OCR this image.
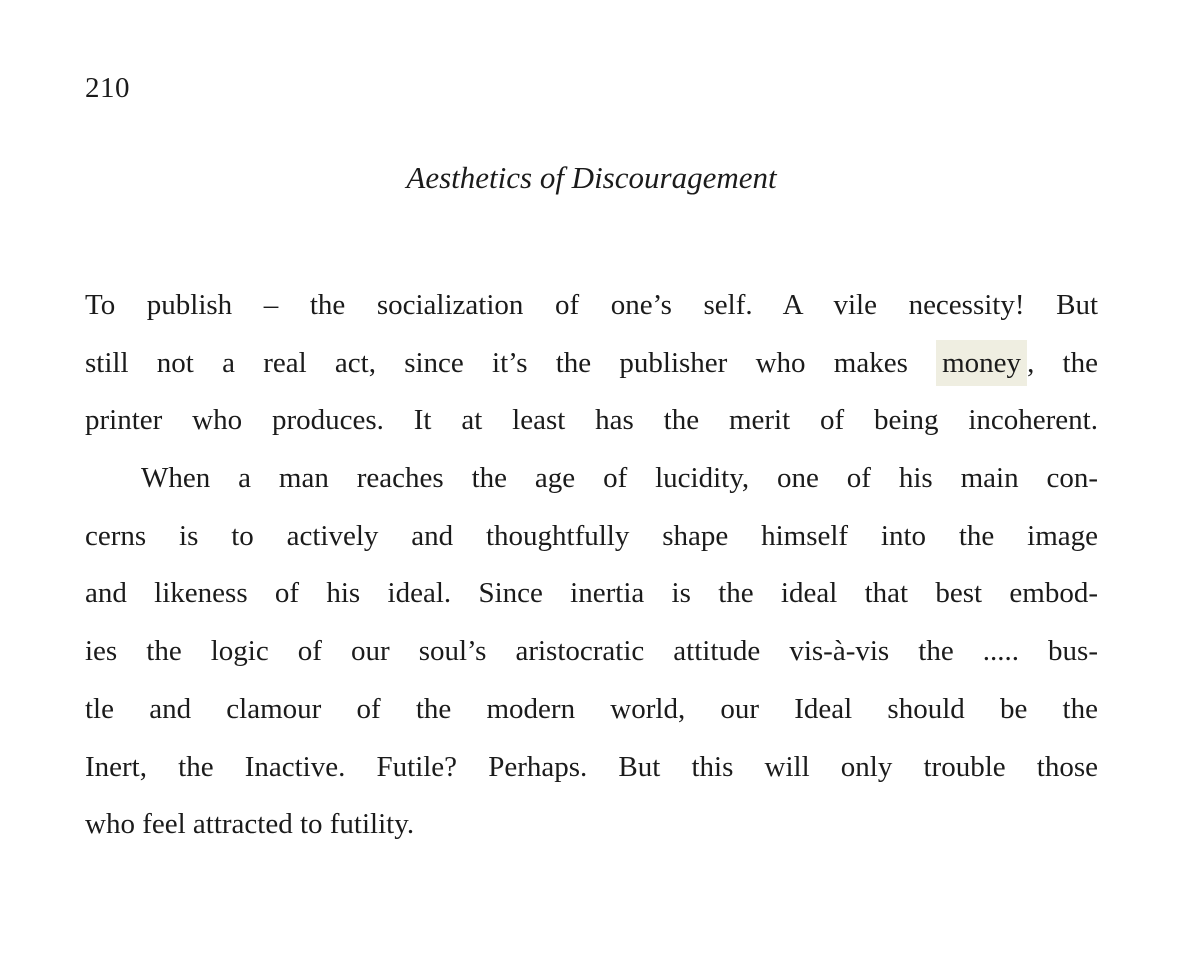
210
Aesthetics of Discouragement
To publish – the socialization of one’s self. A vile necessity! But
still not a real act, since it’s the publisher who makes money , the
printer who produces. It at least has the merit of being incoherent.
When a man reaches the age of lucidity, one of his main con-
cerns is to actively and thoughtfully shape himself into the image
and likeness of his ideal. Since inertia is the ideal that best embod-
ies the logic of our soul’s aristocratic attitude vis-à-vis the ..... bus-
tle and clamour of the modern world, our Ideal should be the
Inert, the Inactive. Futile? Perhaps. But this will only trouble those
who feel attracted to futility.
